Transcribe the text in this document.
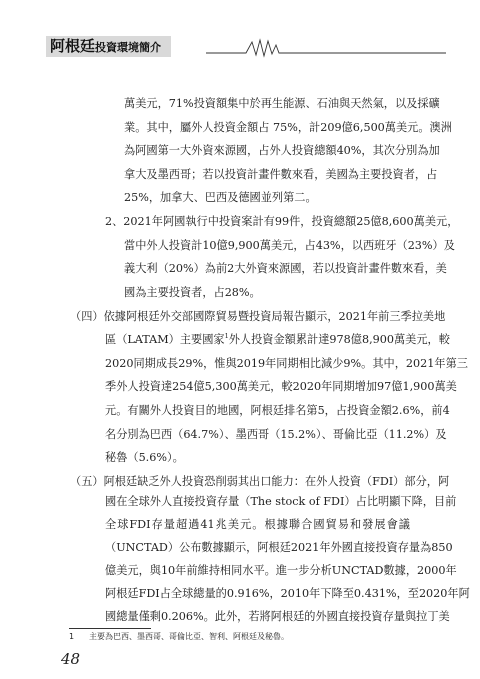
阿根廷投資環境簡介
萬美元，71%投資額集中於再生能源、石油與天然氣，以及採礦
業。其中，屬外人投資金額占 75%，計209億6,500萬美元。澳洲
為阿國第一大外資來源國，占外人投資總額40%，其次分別為加
拿大及墨西哥；若以投資計畫件數來看，美國為主要投資者，占
25%，加拿大、巴西及德國並列第二。
2、2021年阿國執行中投資案計有99件，投資總額25億8,600萬美元，
當中外人投資計10億9,900萬美元，占43%，以西班牙（23%）及
義大利（20%）為前2大外資來源國，若以投資計畫件數來看，美
國為主要投資者，占28%。
（四）依據阿根廷外交部國際貿易暨投資局報告顯示，2021年前三季拉美地
區（LATAM）主要國家$^1$外人投資金額累計達978億8,900萬美元，較
2020同期成長29%，惟與2019年同期相比減少9%。其中，2021年第三
季外人投資達254億5,300萬美元，較2020年同期增加97億1,900萬美
元。有關外人投資目的地國，阿根廷排名第5，占投資金額2.6%，前4
名分別為巴西（64.7%）、墨西哥（15.2%）、哥倫比亞（11.2%）及
秘魯（5.6%）。
（五）阿根廷缺乏外人投資恐削弱其出口能力：在外人投資（FDI）部分，阿
國在全球外人直接投資存量（The stock of FDI）占比明顯下降，目前
全球FDI存量超過41兆美元。根據聯合國貿易和發展會議
（UNCTAD）公布數據顯示，阿根廷2021年外國直接投資存量為850
億美元，與10年前維持相同水平。進一步分析UNCTAD數據，2000年
阿根廷FDI占全球總量的0.916%，2010年下降至0.431%，至2020年阿
國總量僅剩0.206%。此外，若將阿根廷的外國直接投資存量與拉丁美
1 主要為巴西、墨西哥、哥倫比亞、智利、阿根廷及秘魯。
48
